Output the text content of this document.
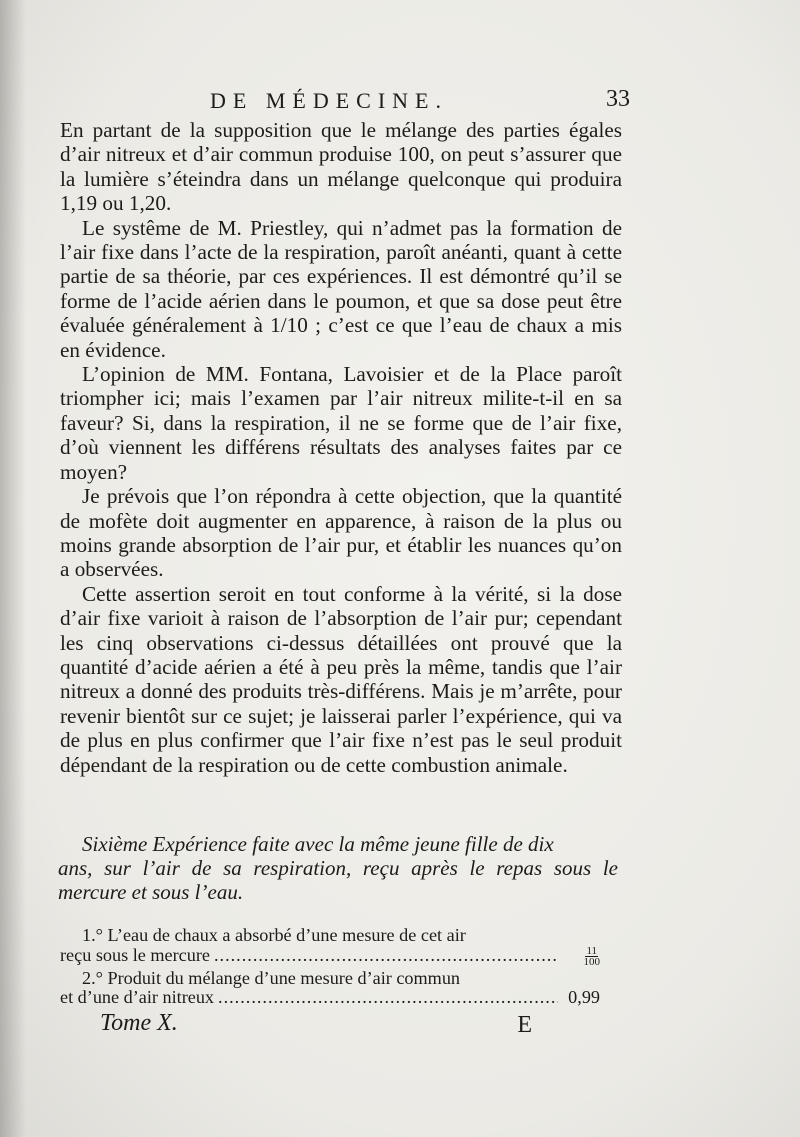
DE MÉDECINE.	33

En partant de la supposition que le mélange des parties égales d’air nitreux et d’air commun produise 100, on peut s’assurer que la lumière s’éteindra dans un mélange quelconque qui produira 1,19 ou 1,20.

Le systême de M. Priestley, qui n’admet pas la formation de l’air fixe dans l’acte de la respiration, paroît anéanti, quant à cette partie de sa théorie, par ces expériences. Il est démontré qu’il se forme de l’acide aérien dans le poumon, et que sa dose peut être évaluée généralement à 1/10 ; c’est ce que l’eau de chaux a mis en évidence.

L’opinion de MM. Fontana, Lavoisier et de la Place paroît triompher ici; mais l’examen par l’air nitreux milite-t-il en sa faveur? Si, dans la respiration, il ne se forme que de l’air fixe, d’où viennent les différens résultats des analyses faites par ce moyen?

Je prévois que l’on répondra à cette objection, que la quantité de mofète doit augmenter en apparence, à raison de la plus ou moins grande absorption de l’air pur, et établir les nuances qu’on a observées.

Cette assertion seroit en tout conforme à la vérité, si la dose d’air fixe varioit à raison de l’absorption de l’air pur; cependant les cinq observations ci-dessus détaillées ont prouvé que la quantité d’acide aérien a été à peu près la même, tandis que l’air nitreux a donné des produits très-différens. Mais je m’arrête, pour revenir bientôt sur ce sujet; je laisserai parler l’expérience, qui va de plus en plus confirmer que l’air fixe n’est pas le seul produit dépendant de la respiration ou de cette combustion animale.

Sixième Expérience faite avec la même jeune fille de dix
ans, sur l’air de sa respiration, reçu après le repas sous le mercure et sous l’eau.
1.° L’eau de chaux a absorbé d’une mesure de cet air
reçu sous le mercure .....	$\frac{11}{100}$
2.° Produit du mélange d’une mesure d’air commun
et d’une d’air nitreux .....	0,99
Tome X.	E
